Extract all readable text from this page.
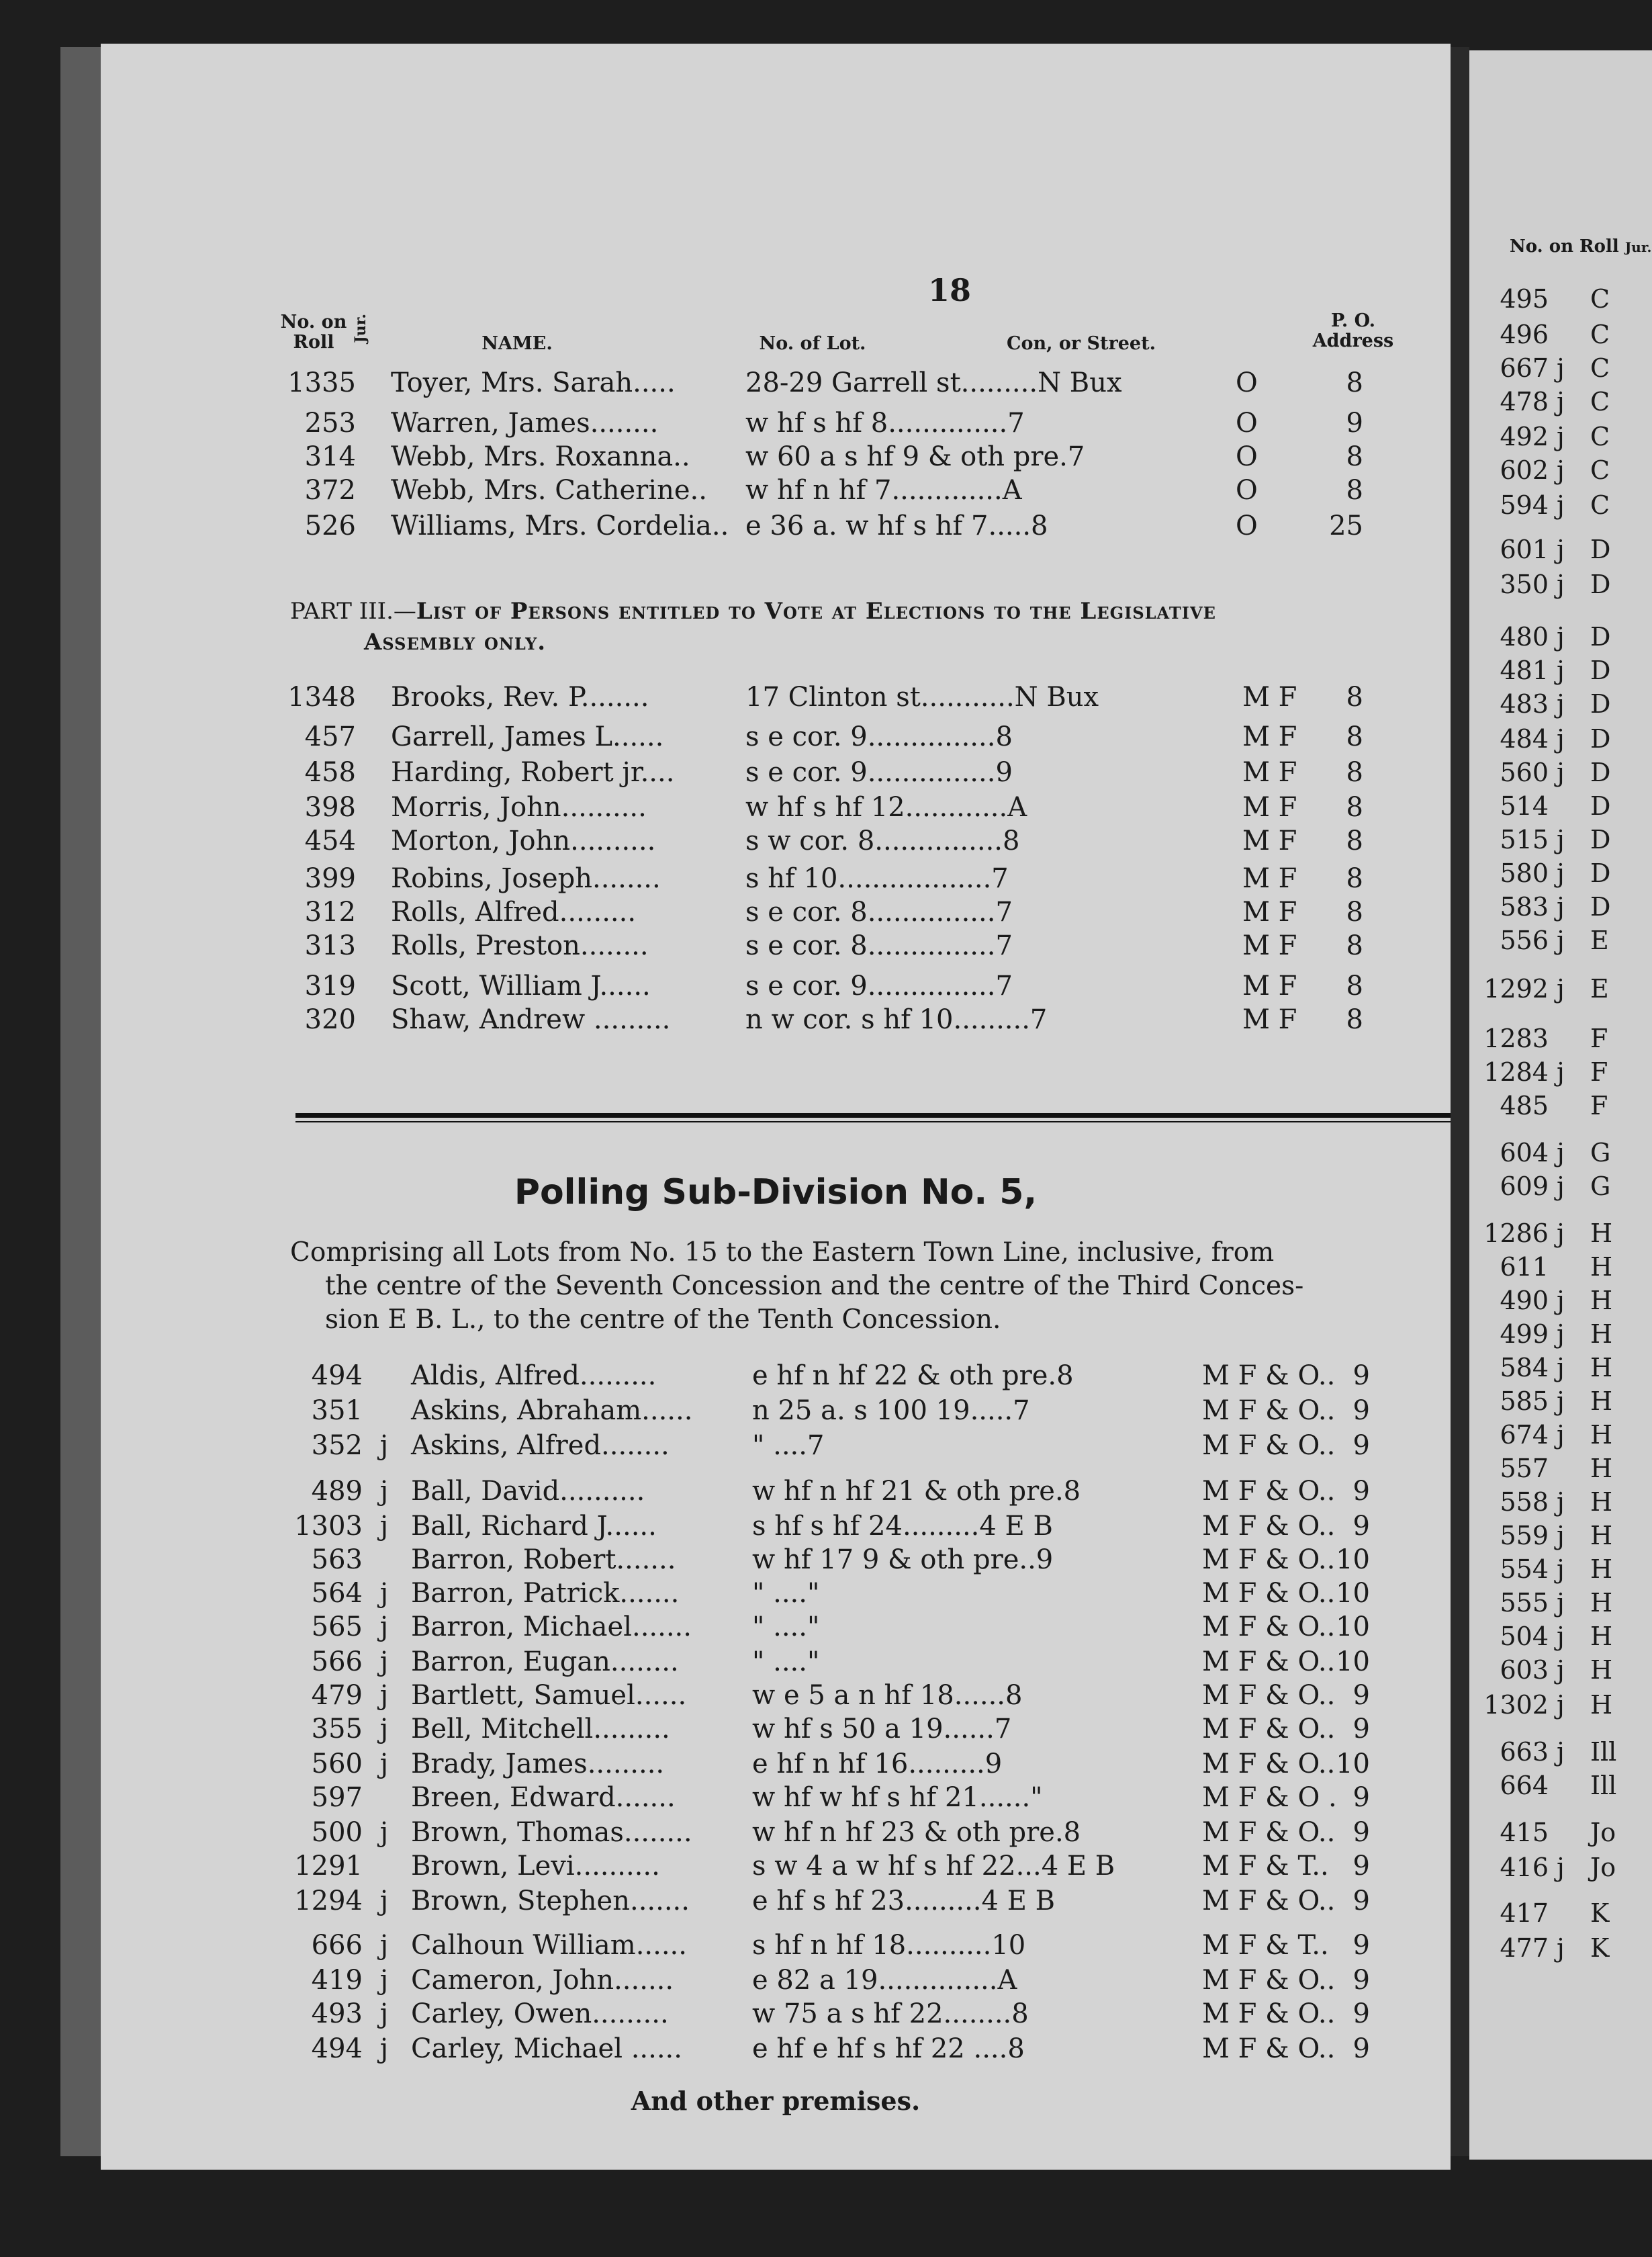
18
No. on Roll	Jur.
NAME.	No. of Lot.	Con, or Street.
P. O. Address
1335 Toyer, Mrs. Sarah.....	28-29 Garrell st.........N Bux	O	8
253 Warren, James........	w hf s hf 8..............7	O	9
314 Webb, Mrs. Roxanna.. w 60 a s hf 9 & oth pre.7	O	8
372 Webb, Mrs. Catherine.. w hf n hf 7.............A	O	8
526 Williams, Mrs. Cordelia.. e 36 a. w hf s hf 7.....8	O	25
PART III.—List of Persons entitled to Vote at Elections to the Legislative
Assembly only.
1348 Brooks, Rev. P........	17 Clinton st...........N Bux	M F	8
457 Garrell, James L......	s e cor. 9...............8	M F	8
458 Harding, Robert jr....	s e cor. 9...............9	M F	8
398 Morris, John..........	w hf s hf 12............A	M F	8
454 Morton, John..........	s w cor. 8...............8	M F	8
399 Robins, Joseph........	s hf 10..................7	M F	8
312 Rolls, Alfred.........	s e cor. 8...............7	M F	8
313 Rolls, Preston........	s e cor. 8...............7	M F	8
319 Scott, William J......	s e cor. 9...............7	M F	8
320 Shaw, Andrew .........	n w cor. s hf 10.........7	M F	8
Polling Sub-Division No. 5,
Comprising all Lots from No. 15 to the Eastern Town Line, inclusive, from
the centre of the Seventh Concession and the centre of the Third Conces-
sion E B. L., to the centre of the Tenth Concession.
494 Aldis, Alfred.........	e hf n hf 22 & oth pre.8	M F & O.. 9
351 Askins, Abraham...... n 25 a. s 100 19.....7	M F & O.. 9
352 j Askins, Alfred........	" ....7	M F & O.. 9
489 j Ball, David..........	w hf n hf 21 & oth pre.8	M F & O.. 9
1303 j Ball, Richard J......	s hf s hf 24.........4 E B	M F & O.. 9
563 Barron, Robert.......	w hf 17 9 & oth pre..9	M F & O.. 10
564 j Barron, Patrick.......	" ...."	M F & O.. 10
565 j Barron, Michael....... " ...."	M F & O.. 10
566 j Barron, Eugan........	" ...."	M F & O.. 10
479 j Bartlett, Samuel...... w e 5 a n hf 18......8	M F & O.. 9
355 j Bell, Mitchell.........	w hf s 50 a 19......7	M F & O.. 9
560 j Brady, James.........	e hf n hf 16.........9	M F & O.. 10
597 Breen, Edward.......	w hf w hf s hf 21......"	M F & O . 9
500 j Brown, Thomas........ w hf n hf 23 & oth pre.8	M F & O.. 9
1291 Brown, Levi..........	s w 4 a w hf s hf 22...4 E B	M F & T.. 9
1294 j Brown, Stephen....... e hf s hf 23.........4 E B	M F & O.. 9
666 j Calhoun William...... s hf n hf 18..........10	M F & T.. 9
419 j Cameron, John.......	e 82 a 19..............A	M F & O.. 9
493 j Carley, Owen.........	w 75 a s hf 22........8	M F & O.. 9
494 j Carley, Michael ......	e hf e hf s hf 22 ....8	M F & O.. 9
And other premises.
No. on Roll Jur.
495 C
496 C
667 j C
478 j C
492 j C
602 j C
594 j C
601 j D
350 j D
480 j D
481 j D
483 j D
484 j D
560 j D
514 D
515 j D
580 j D
583 j D
556 j E
1292 j E
1283 F
1284 j F
485 F
604 j G
609 j G
1286 j H
611 H
490 j H
499 j H
584 j H
585 j H
674 j H
557 H
558 j H
559 j H
554 j H
555 j H
504 j H
603 j H
1302 j H
663 j Ill
664 Ill
415 Jo
416 j Jo
417 K
477 j K
